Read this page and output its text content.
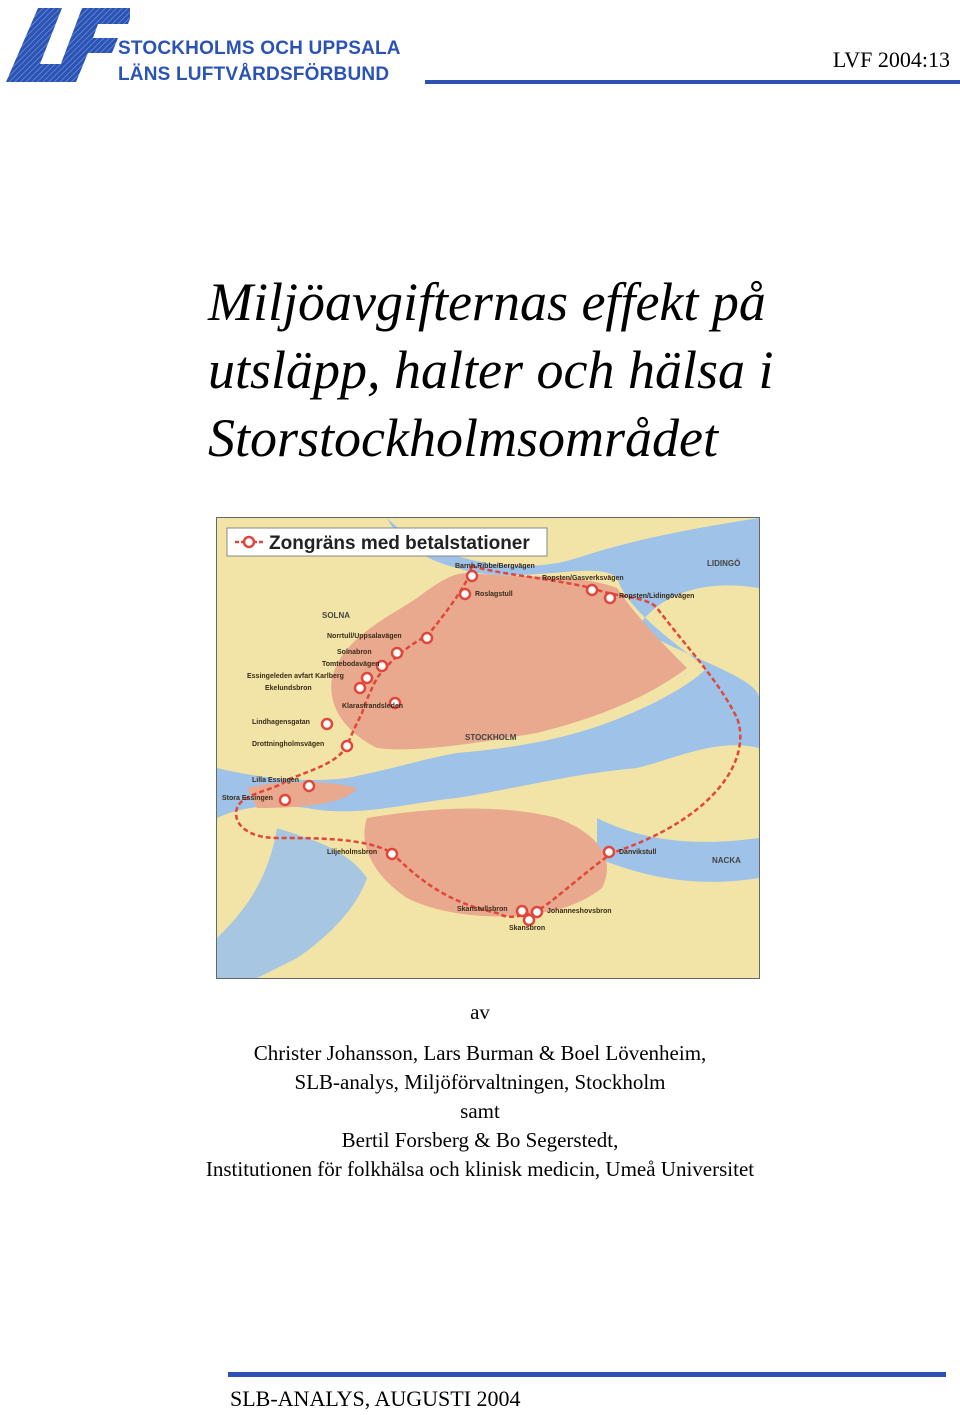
STOCKHOLMS OCH UPPSALA
LÄNS LUFTVÅRDSFÖRBUND
LVF 2004:13
Miljöavgifternas effekt på
utsläpp, halter och hälsa i
Storstockholmsområdet
Zongräns med betalstationer
SOLNA
LIDINGÖ
STOCKHOLM
NACKA
Barnh.Ribbe/Bergvägen
Roslagstull
Ropsten/Gasverksvägen
Ropsten/Lidingövägen
Norrtull/Uppsalavägen
Solnabron
Tomtebodavägen
Essingeleden avfart Karlberg
Ekelundsbron
Klarastrandsleden
Lindhagensgatan
Drottningholmsvägen
Lilla Essingen
Stora Essingen
Liljeholmsbron	Danvikstull
Skanstullsbron	Johanneshovsbron
Skansbron
av
Christer Johansson, Lars Burman & Boel Lövenheim,
SLB-analys, Miljöförvaltningen, Stockholm
samt
Bertil Forsberg & Bo Segerstedt,
Institutionen för folkhälsa och klinisk medicin, Umeå Universitet
SLB-ANALYS, AUGUSTI 2004
